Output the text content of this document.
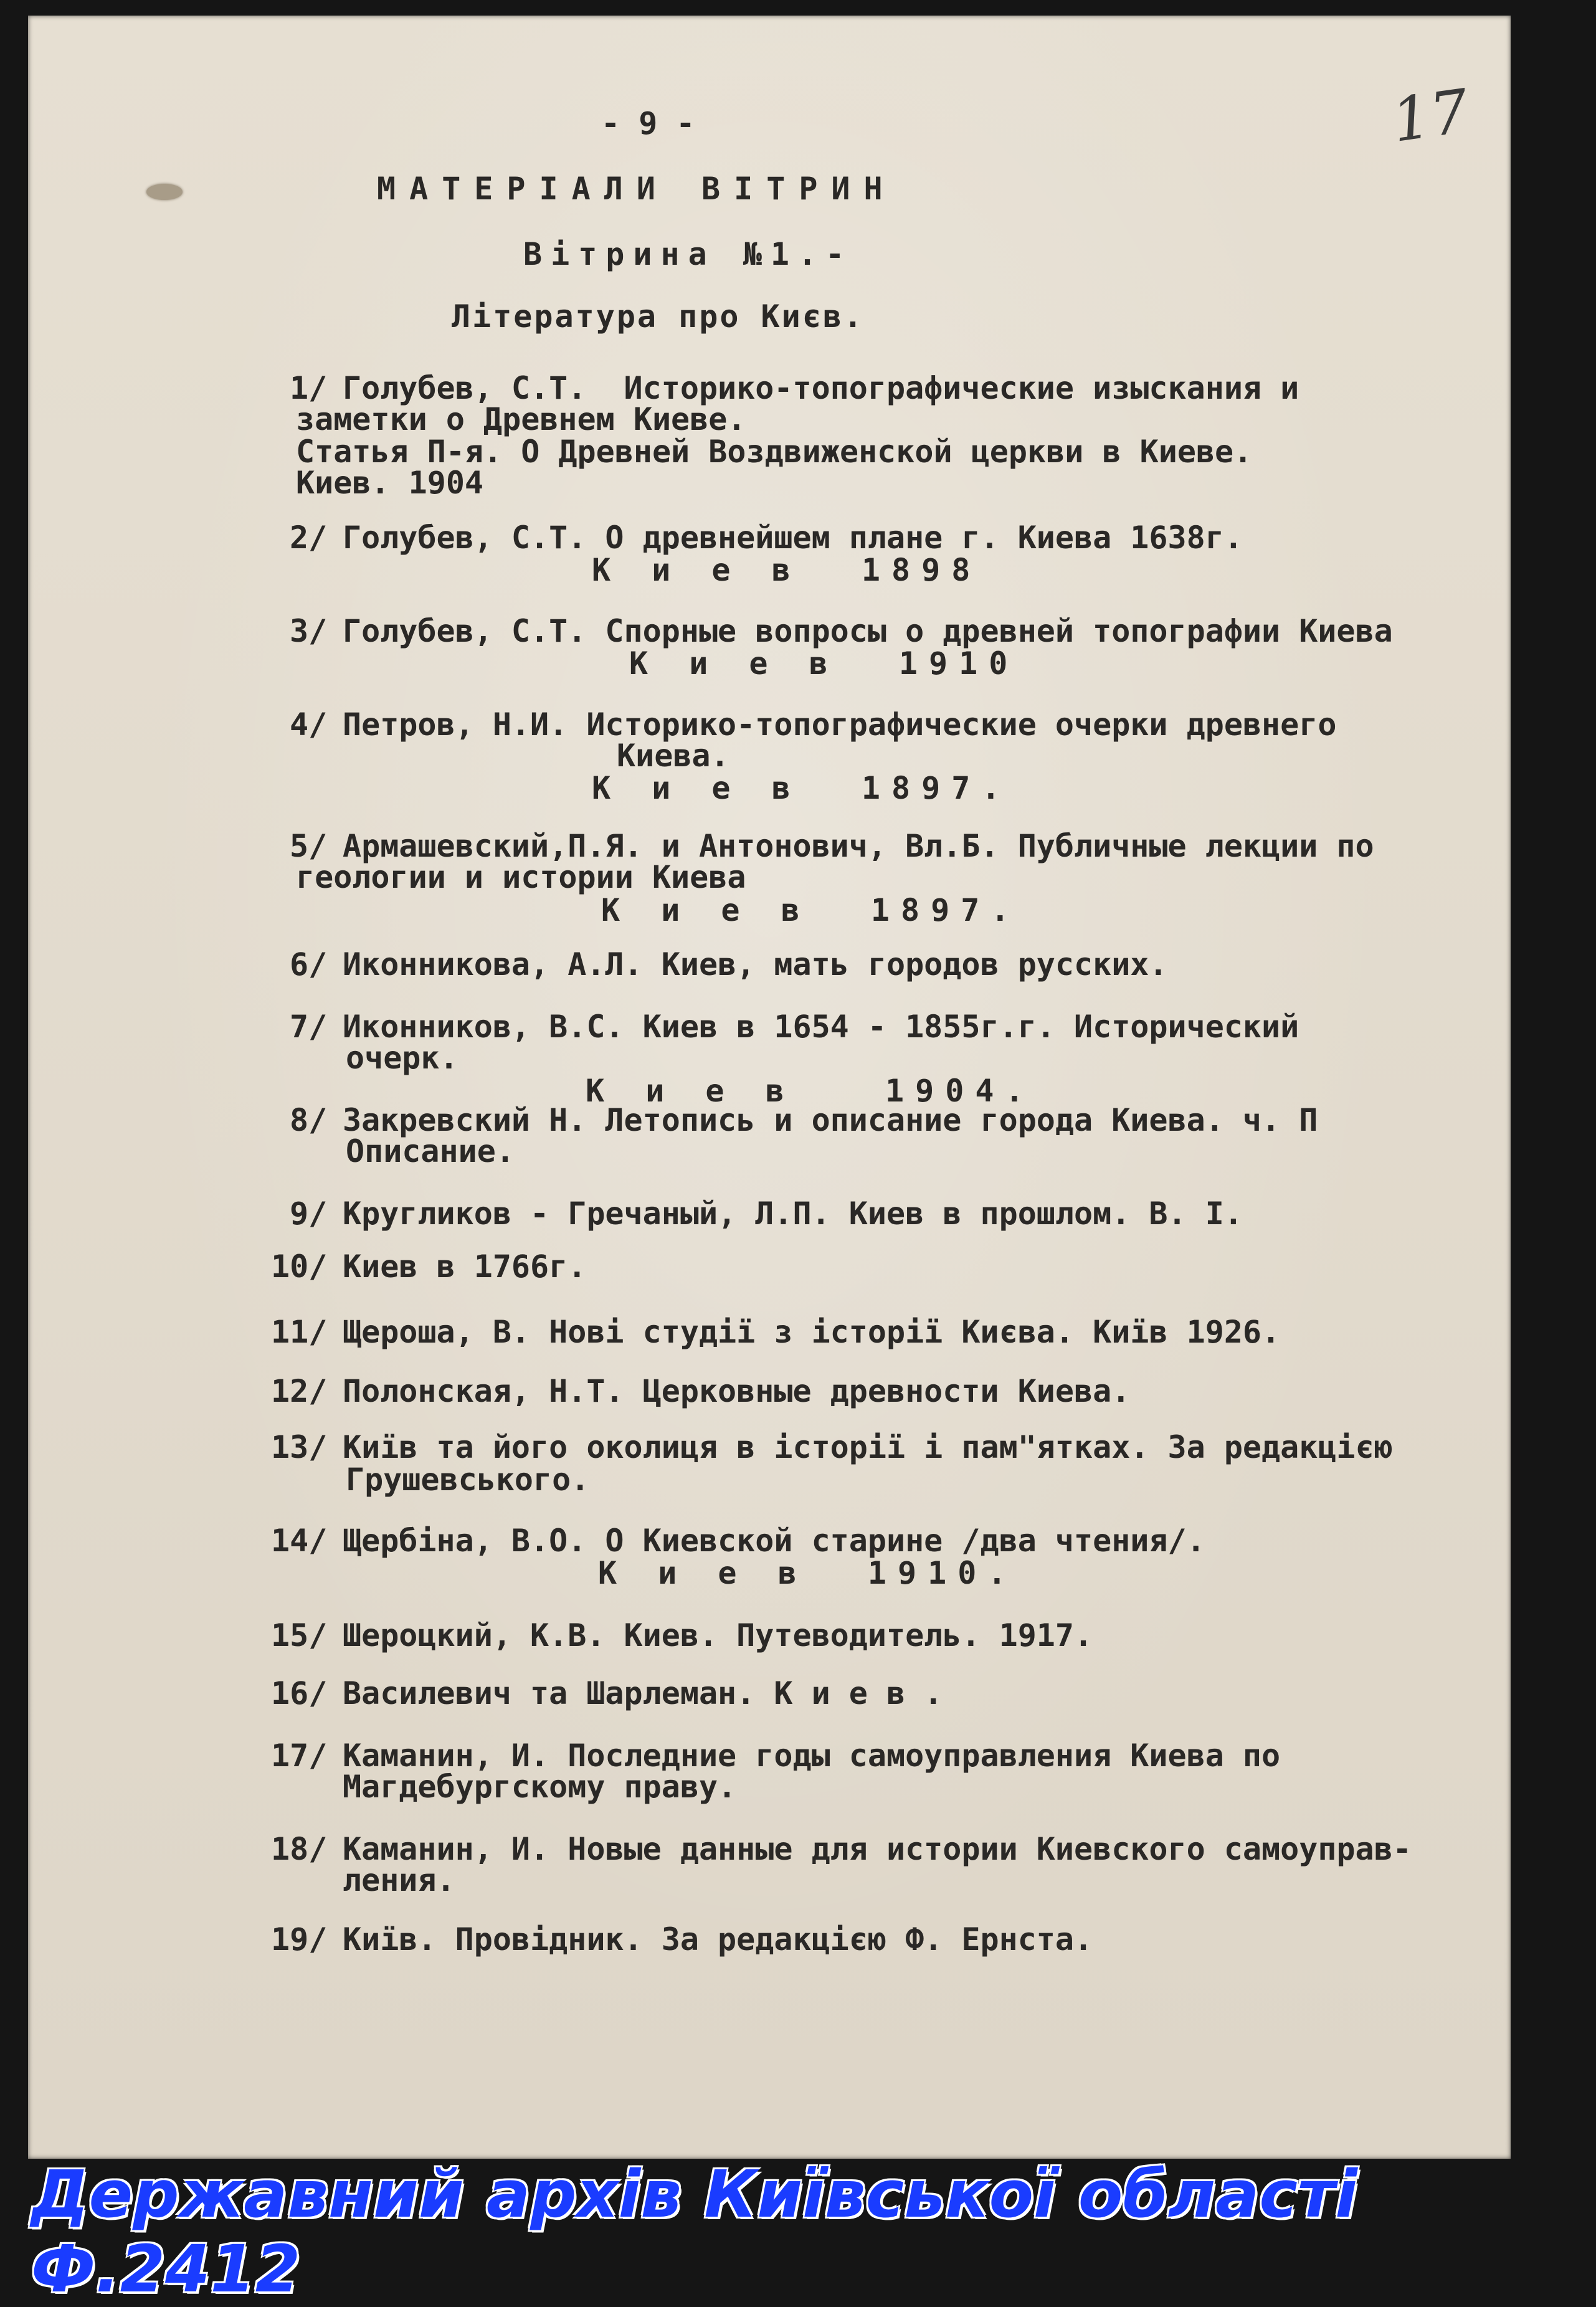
17
- 9 -
МАТЕРІАЛИ ВІТРИН
Вітрина №1.-
Література про Києв.
1/ Голубев, С.Т.  Историко-топографические изыскания и
заметки о Древнем Киеве.
Статья П-я. О Древней Воздвиженской церкви в Киеве.
Киев. 1904
2/ Голубев, С.Т. О древнейшем плане г. Киева 1638г.
К и е в  1898
3/ Голубев, С.Т. Спорные вопросы о древней топографии Киева
К и е в  1910
4/ Петров, Н.И. Историко-топографические очерки древнего
Киева.
К и е в  1897.
5/ Армашевский,П.Я. и Антонович, Вл.Б. Публичные лекции по
геологии и истории Киева
К и е в  1897.
6/ Иконникова, А.Л. Киев, мать городов русских.
7/ Иконников, В.С. Киев в 1654 - 1855г.г. Исторический
очерк.
К и е в   1904.
8/ Закревский Н. Летопись и описание города Киева. ч. П
Описание.
9/ Кругликов - Гречаный, Л.П. Киев в прошлом. В. I.
10/ Киев в 1766г.
11/ Щероша, В. Нові студії з історії Києва. Київ 1926.
12/ Полонская, Н.Т. Церковные древности Киева.
13/ Київ та його околиця в історії і пам"ятках. За редакцією
Грушевського.
14/ Щербіна, В.О. О Киевской старине /два чтения/.
К и е в  1910.
15/ Шероцкий, К.В. Киев. Путеводитель. 1917.
16/ Василевич та Шарлеман. К и е в .
17/ Каманин, И. Последние годы самоуправления Киева по
Магдебургскому праву.
18/ Каманин, И. Новые данные для истории Киевского самоуправ-
ления.
19/ Київ. Провідник. За редакцією Ф. Ернста.
Державний архів Київської області Ф.2412
